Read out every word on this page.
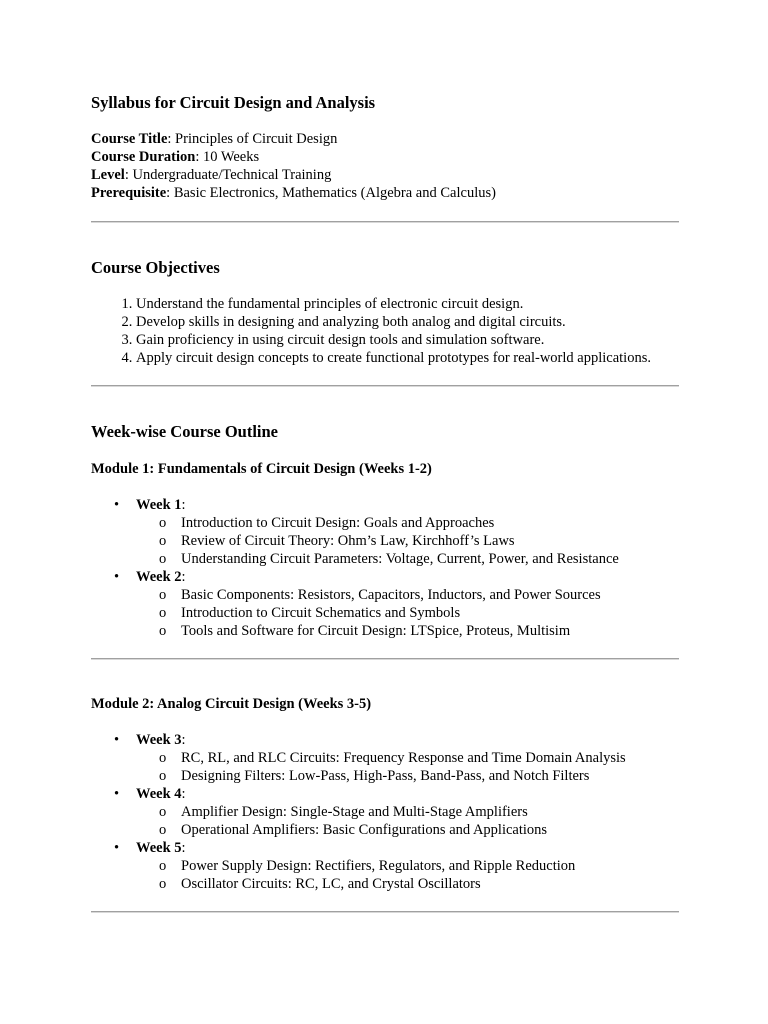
Syllabus for Circuit Design and Analysis

Course Title: Principles of Circuit Design

Course Duration: 10 Weeks

Level: Undergraduate/Technical Training

Prerequisite: Basic Electronics, Mathematics (Algebra and Calculus)

Course Objectives
1. Understand the fundamental principles of electronic circuit design.
2. Develop skills in designing and analyzing both analog and digital circuits.
3. Gain proficiency in using circuit design tools and simulation software.
4. Apply circuit design concepts to create functional prototypes for real-world applications.
Week-wise Course Outline

Module 1: Fundamentals of Circuit Design (Weeks 1-2)

• Week 1:
o Introduction to Circuit Design: Goals and Approaches
o Review of Circuit Theory: Ohm’s Law, Kirchhoff’s Laws
o Understanding Circuit Parameters: Voltage, Current, Power, and Resistance
• Week 2:
o Basic Components: Resistors, Capacitors, Inductors, and Power Sources
o Introduction to Circuit Schematics and Symbols
o Tools and Software for Circuit Design: LTSpice, Proteus, Multisim

Module 2: Analog Circuit Design (Weeks 3-5)

• Week 3:
o RC, RL, and RLC Circuits: Frequency Response and Time Domain Analysis
o Designing Filters: Low-Pass, High-Pass, Band-Pass, and Notch Filters
• Week 4:
o Amplifier Design: Single-Stage and Multi-Stage Amplifiers
o Operational Amplifiers: Basic Configurations and Applications
• Week 5:
o Power Supply Design: Rectifiers, Regulators, and Ripple Reduction
o Oscillator Circuits: RC, LC, and Crystal Oscillators
